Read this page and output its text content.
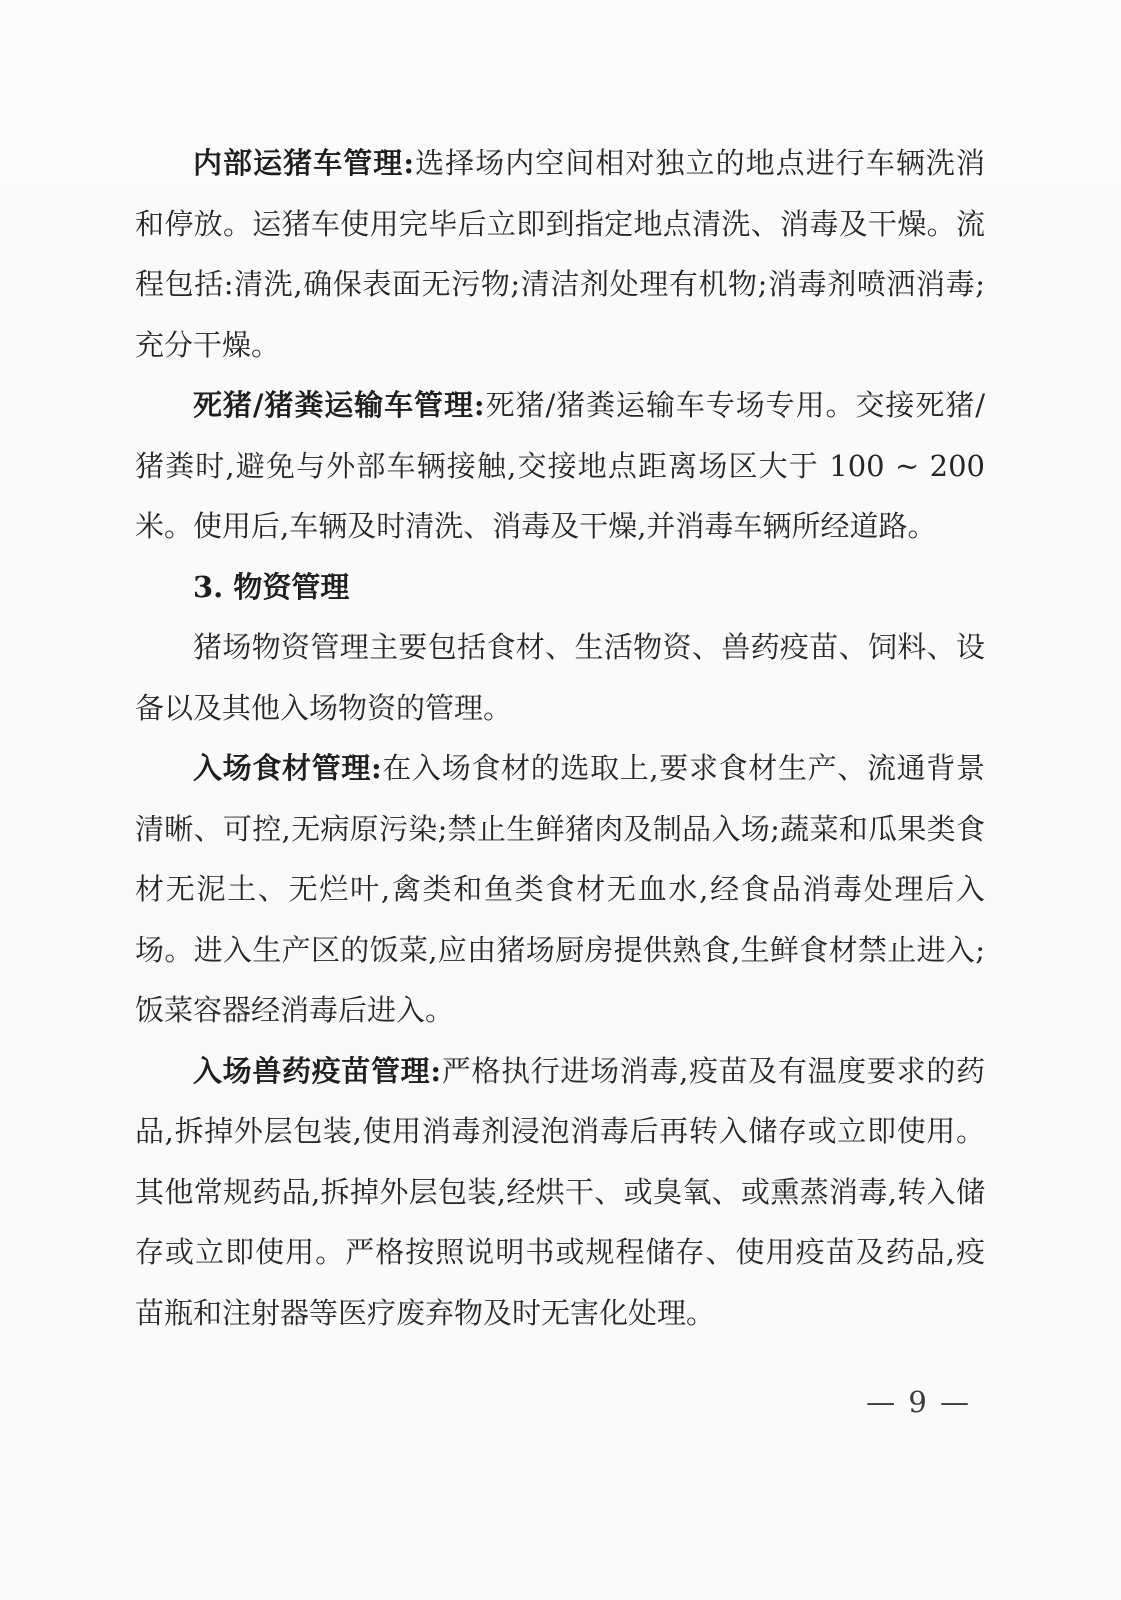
内部运猪车管理:选择场内空间相对独立的地点进行车辆洗消和停放。运猪车使用完毕后立即到指定地点清洗、消毒及干燥。流程包括:清洗,确保表面无污物;清洁剂处理有机物;消毒剂喷洒消毒;充分干燥。

死猪/猪粪运输车管理:死猪/猪粪运输车专场专用。交接死猪/猪粪时,避免与外部车辆接触,交接地点距离场区大于 100 ~ 200 米。使用后,车辆及时清洗、消毒及干燥,并消毒车辆所经道路。

3. 物资管理

猪场物资管理主要包括食材、生活物资、兽药疫苗、饲料、设备以及其他入场物资的管理。

入场食材管理:在入场食材的选取上,要求食材生产、流通背景清晰、可控,无病原污染;禁止生鲜猪肉及制品入场;蔬菜和瓜果类食材无泥土、无烂叶,禽类和鱼类食材无血水,经食品消毒处理后入场。进入生产区的饭菜,应由猪场厨房提供熟食,生鲜食材禁止进入;饭菜容器经消毒后进入。

入场兽药疫苗管理:严格执行进场消毒,疫苗及有温度要求的药品,拆掉外层包装,使用消毒剂浸泡消毒后再转入储存或立即使用。其他常规药品,拆掉外层包装,经烘干、或臭氧、或熏蒸消毒,转入储存或立即使用。严格按照说明书或规程储存、使用疫苗及药品,疫苗瓶和注射器等医疗废弃物及时无害化处理。

— 9 —
